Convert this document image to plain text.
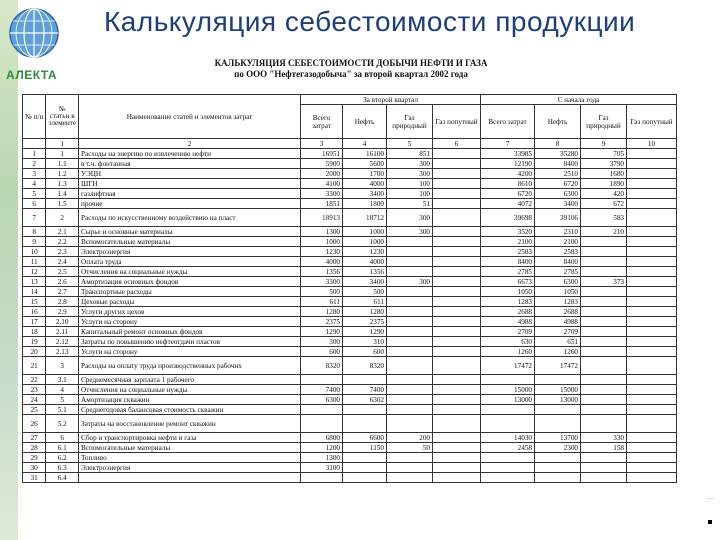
АЛЕКТА
Калькуляция себестоимости продукции
КАЛЬКУЛЯЦИЯ СЕБЕСТОИМОСТИ ДОБЫЧИ НЕФТИ И ГАЗА
по ООО "Нефтегазодобыча" за второй квартал 2002 года
№ п/п	№ статьи в элементе	Наименование статей и элементов затрат	За второй квартал				С начала года			
			Всего затрат	Нефть	Газ природный	Газ попутный	Всего затрат	Нефть	Газ природный	Газ попутный
	1	2	3	4	5	6	7	8	9	10
1	1	Расходы на энергию по извлечению нефти	16951	16100	851		33985	35280	705	
2	1.1	в т.ч. фонтанная	5900	5600	300		12190	8400	3790	
3	1.2	УЭЦН	2000	1700	300		4200	2510	1680	
4	1.3	ШГН	4100	4000	100		8610	6720	1890	
5	1.4	газлифтная	3300	3400	100		6720	6300	420	
6	1.5	прочие	1851	1800	51		4072	3400	672	
7	2	Расходы по искусственному воздействию на пласт	18913	18712	300		39698	39106	583	
8	2.1	Сырье и основные материалы	1300	1000	300		3520	2310	210	
9	2.2	Вспомогательные материалы	1000	1000			2100	2100		
10	2.3	Электроэнергия	1230	1230			2583	2583		
11	2.4	Оплата труда	4000	4000			8400	8400		
12	2.5	Отчисления на социальные нужды	1356	1356			2785	2785		
13	2.6	Амортизация основных фондов	3300	3400	300		6673	6300	373	
14	2.7	Транспортные расходы	500	500			1050	1050		
15	2.8	Цеховые расходы	611	611			1283	1283		
16	2.9	Услуги других цехов	1280	1280			2688	2688		
17	2.10	Услуги на сторону	2375	2375			4988	4988		
18	2.11	Капитальный ремонт основных фондов	1290	1290			2709	2709		
19	2.12	Затраты по повышению нефтеотдачи пластов	300	310			630	651		
20	2.13	Услуги на сторону	600	600			1260	1260		
21	3	Расходы на оплату труда производственных рабочих	8320	8320			17472	17472		
22	3.1	Среднемесячная зарплата 1 рабочего								
23	4	Отчисления на социальные нужды	7400	7400			15000	15000		
24	5	Амортизация скважин	6300	6302			13000	13000		
25	5.1	Среднегодовая балансовая стоимость скважин								
26	5.2	Затраты на восстановление ремонт скважин								
27	6	Сбор и транспортировка нефти и газа	6800	6600	200		14030	13700	330	
28	6.1	Вспомогательные материалы	1200	1150	50		2458	2300	158	
29	6.2	Топливо	1300							
30	6.3	Электроэнергия	3100							
31	6.4									
…
